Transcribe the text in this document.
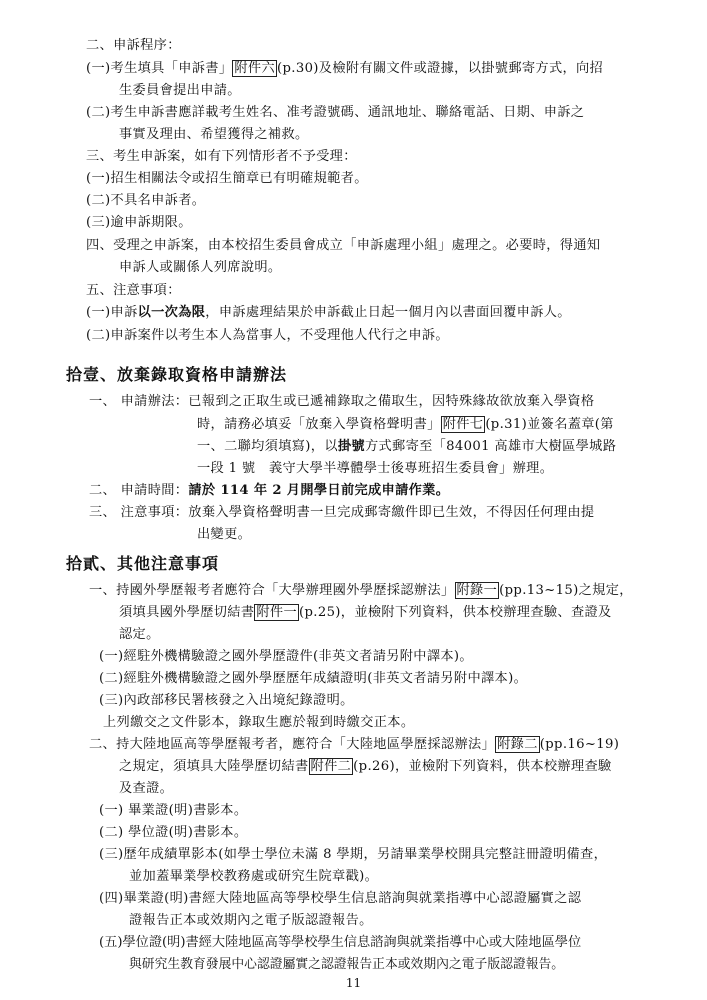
二、申訴程序：
(一)考生填具「申訴書」 附件六 (p.30)及檢附有關文件或證據，以掛號郵寄方式，向招
生委員會提出申請。
(二)考生申訴書應詳載考生姓名、准考證號碼、通訊地址、聯絡電話、日期、申訴之
事實及理由、希望獲得之補救。
三、考生申訴案，如有下列情形者不予受理：
(一)招生相關法令或招生簡章已有明確規範者。
(二)不具名申訴者。
(三)逾申訴期限。
四、受理之申訴案，由本校招生委員會成立「申訴處理小組」處理之。必要時，得通知
申訴人或關係人列席說明。
五、注意事項：
(一)申訴以一次為限，申訴處理結果於申訴截止日起一個月內以書面回覆申訴人。
(二)申訴案件以考生本人為當事人，不受理他人代行之申訴。
拾壹、放棄錄取資格申請辦法
一、 申請辦法：已報到之正取生或已遞補錄取之備取生，因特殊緣故欲放棄入學資格
時，請務必填妥「放棄入學資格聲明書」 附件七 (p.31)並簽名蓋章(第
一、二聯均須填寫)，以掛號方式郵寄至「84001 高雄市大樹區學城路
一段 1 號　義守大學半導體學士後專班招生委員會」辦理。
二、 申請時間：請於 114 年 2 月開學日前完成申請作業。
三、 注意事項：放棄入學資格聲明書一旦完成郵寄繳件即已生效，不得因任何理由提
出變更。
拾貳、其他注意事項
一、持國外學歷報考者應符合「大學辦理國外學歷採認辦法」 附錄一 (pp.13~15)之規定，
須填具國外學歷切結書 附件一 (p.25)，並檢附下列資料，供本校辦理查驗、查證及
認定。
(一)經駐外機構驗證之國外學歷證件(非英文者請另附中譯本)。
(二)經駐外機構驗證之國外學歷歷年成績證明(非英文者請另附中譯本)。
(三)內政部移民署核發之入出境紀錄證明。
上列繳交之文件影本，錄取生應於報到時繳交正本。
二、持大陸地區高等學歷報考者，應符合「大陸地區學歷採認辦法」 附錄二 (pp.16~19)
之規定，須填具大陸學歷切結書 附件二 (p.26)，並檢附下列資料，供本校辦理查驗
及查證。
(一) 畢業證(明)書影本。
(二) 學位證(明)書影本。
(三)歷年成績單影本(如學士學位未滿 8 學期，另請畢業學校開具完整註冊證明備查，
並加蓋畢業學校教務處或研究生院章戳)。
(四)畢業證(明)書經大陸地區高等學校學生信息諮詢與就業指導中心認證屬實之認
證報告正本或效期內之電子版認證報告。
(五)學位證(明)書經大陸地區高等學校學生信息諮詢與就業指導中心或大陸地區學位
與研究生教育發展中心認證屬實之認證報告正本或效期內之電子版認證報告。
11
